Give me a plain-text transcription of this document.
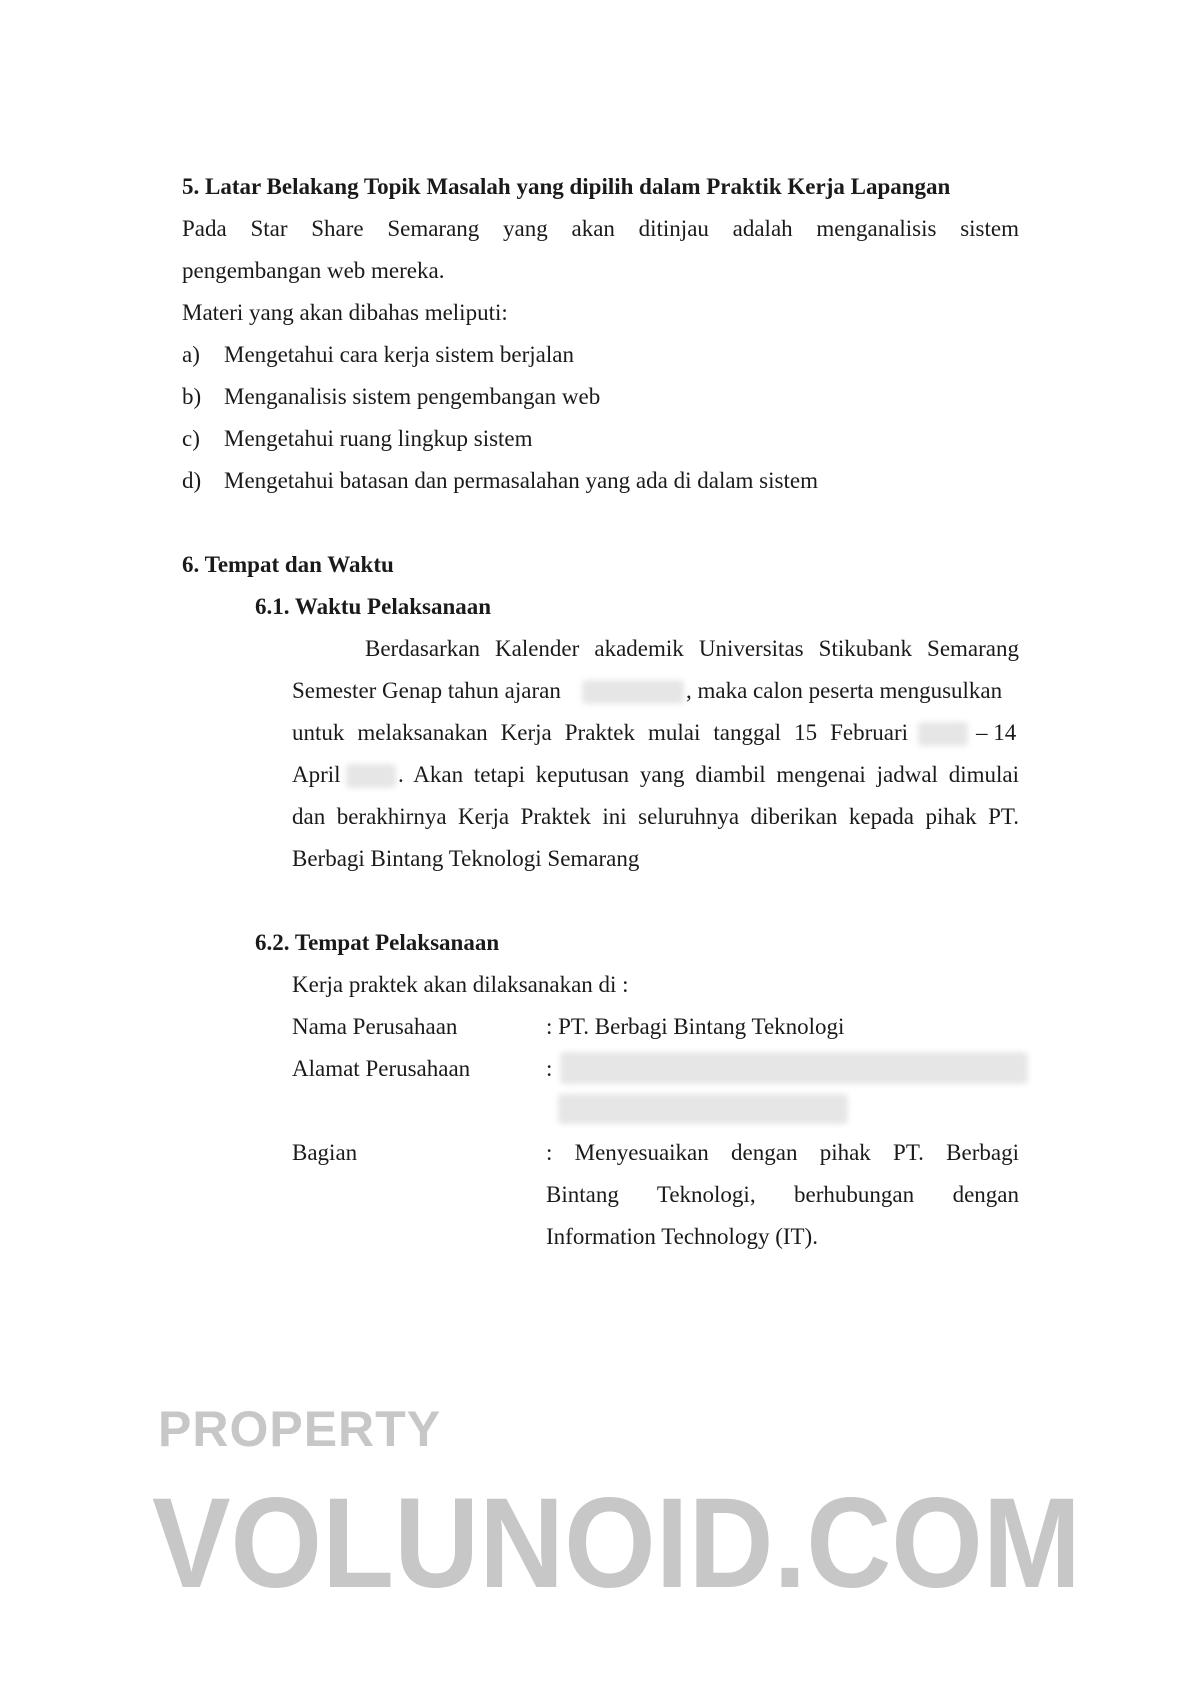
5. Latar Belakang Topik Masalah yang dipilih dalam Praktik Kerja Lapangan
Pada Star Share Semarang yang akan ditinjau adalah menganalisis sistem
pengembangan web mereka.
Materi yang akan dibahas meliputi:
a) Mengetahui cara kerja sistem berjalan
b) Menganalisis sistem pengembangan web
c) Mengetahui ruang lingkup sistem
d) Mengetahui batasan dan permasalahan yang ada di dalam sistem
6. Tempat dan Waktu
6.1. Waktu Pelaksanaan
Berdasarkan Kalender akademik Universitas Stikubank Semarang
Semester Genap tahun ajaran	, maka calon peserta mengusulkan
untuk melaksanakan Kerja Praktek mulai tanggal 15 Februari	– 14
April . Akan tetapi keputusan yang diambil mengenai jadwal dimulai
dan berakhirnya Kerja Praktek ini seluruhnya diberikan kepada pihak PT.
Berbagi Bintang Teknologi Semarang
6.2. Tempat Pelaksanaan
Kerja praktek akan dilaksanakan di :
Nama Perusahaan	: PT. Berbagi Bintang Teknologi
Alamat Perusahaan	:
Bagian	: Menyesuaikan dengan pihak PT. Berbagi
Bintang Teknologi, berhubungan dengan
Information Technology (IT).
PROPERTY
VOLUNOID.COM
